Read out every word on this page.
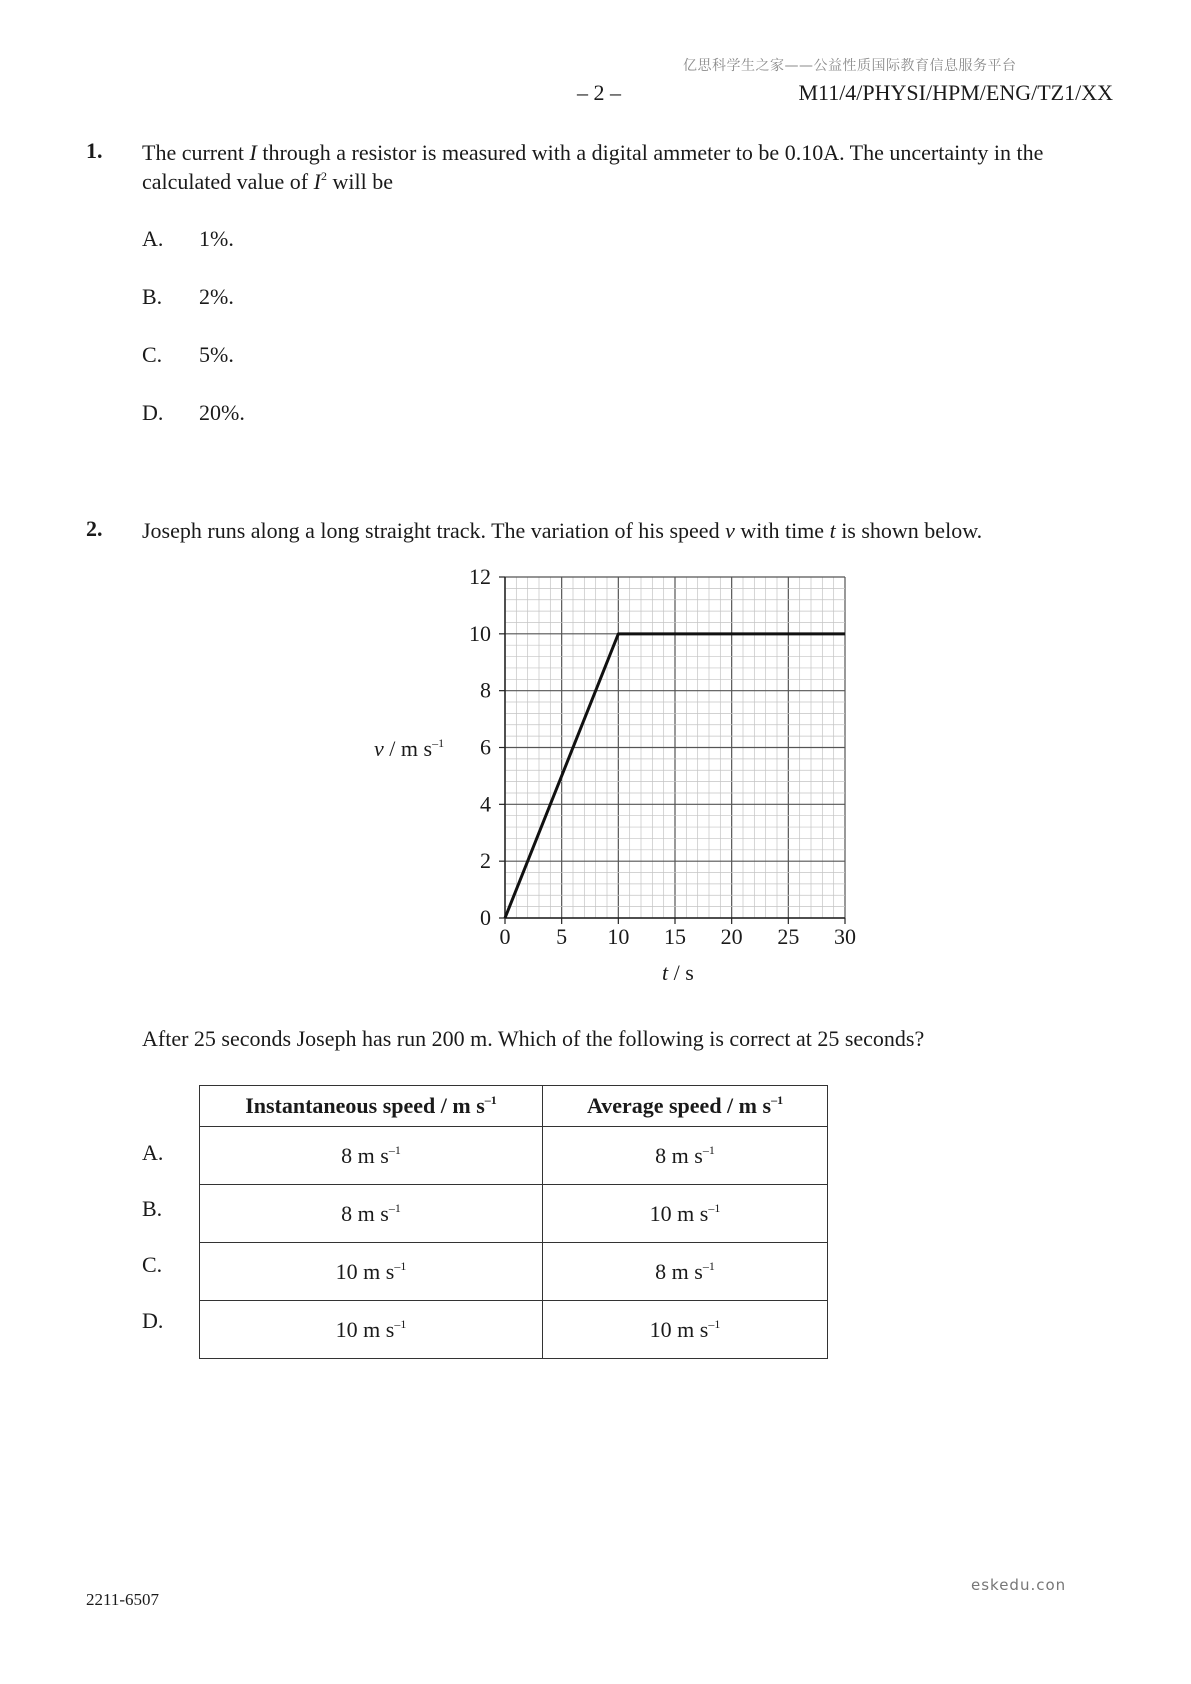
亿思科学生之家——公益性质国际教育信息服务平台
– 2 –	M11/4/PHYSI/HPM/ENG/TZ1/XX
1. The current I through a resistor is measured with a digital ammeter to be 0.10A. The uncertainty in the calculated value of $I^2$ will be
A. 1%.
B. 2%.
C. 5%.
D. 20%.
2. Joseph runs along a long straight track. The variation of his speed v with time t is shown below.
v / m $s^{-1}$
0 5 10 15 20 25 30
0
2
4
6
8
10
12
t / s
After 25 seconds Joseph has run 200 m. Which of the following is correct at 25 seconds?
Instantaneous speed / m $s^{-1}$	Average speed / m $s^{-1}$
8 m $s^{-1}$	8 m $s^{-1}$
8 m $s^{-1}$	10 m $s^{-1}$
10 m $s^{-1}$	8 m $s^{-1}$
10 m $s^{-1}$	10 m $s^{-1}$
A.
B.
C.
D.
2211-6507
eskedu.con
